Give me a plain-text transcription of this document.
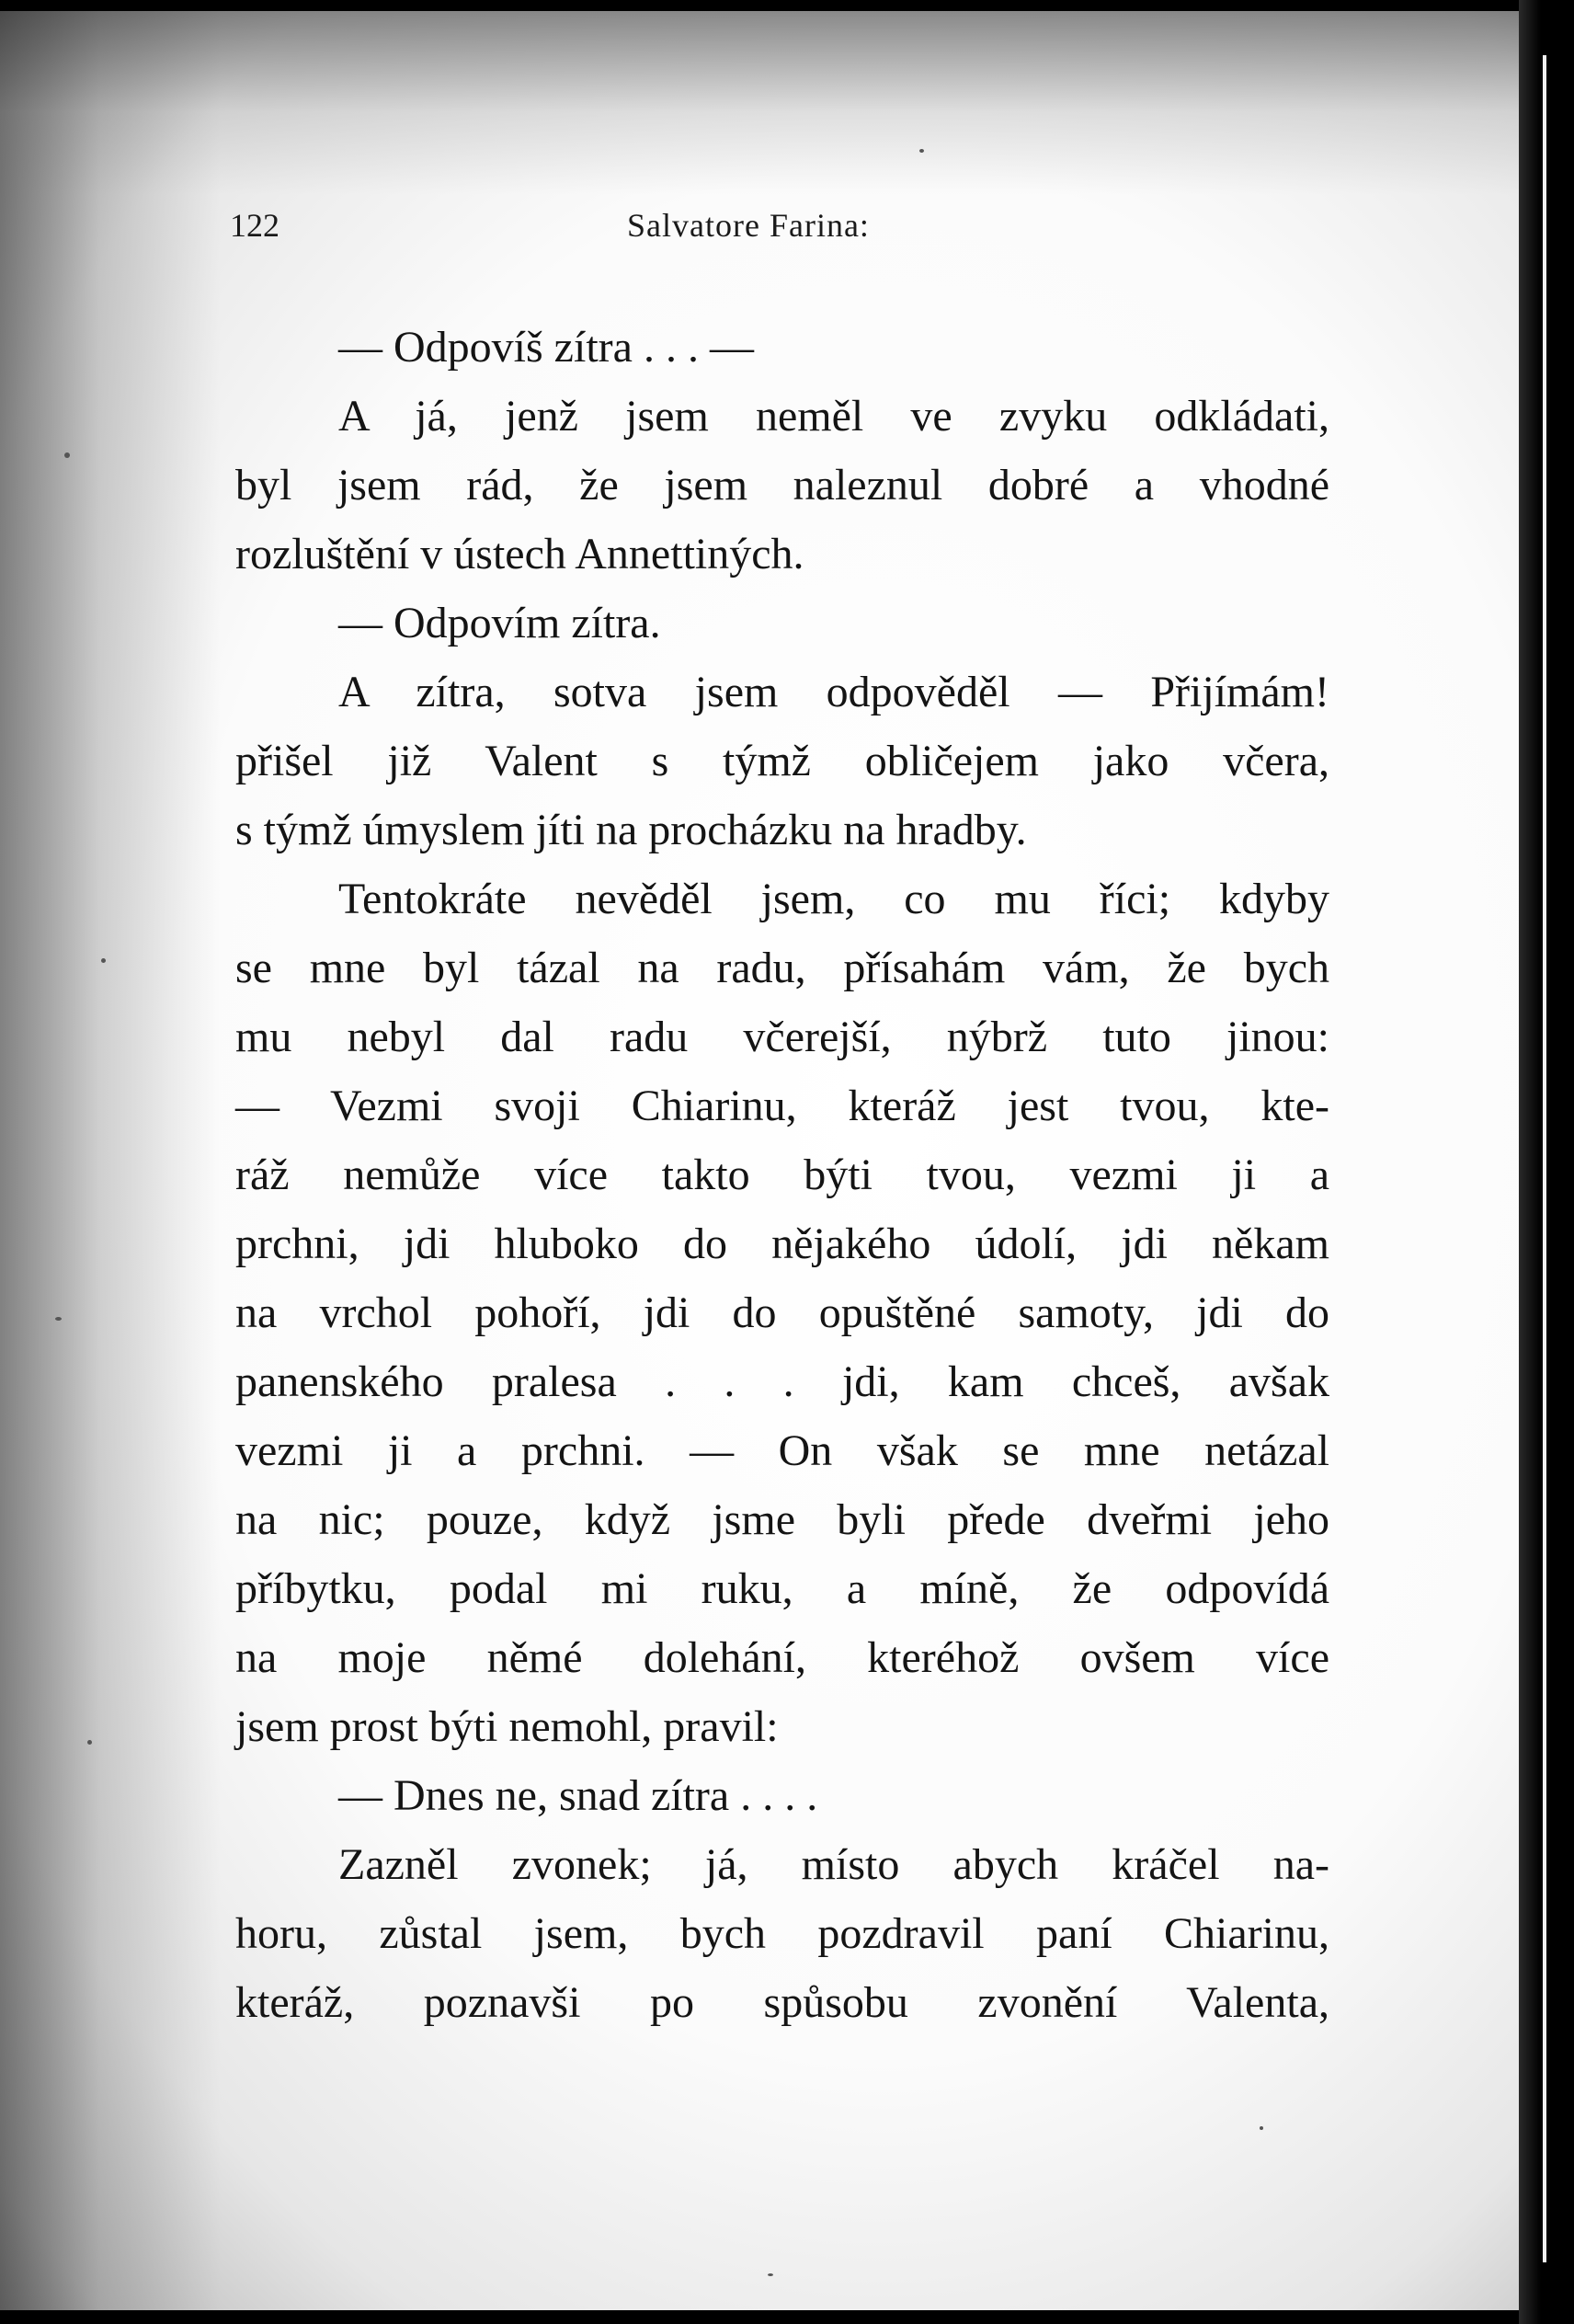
122	Salvatore Farina:
— Odpovíš zítra . . . —
A já, jenž jsem neměl ve zvyku odkládati,
byl jsem rád, že jsem naleznul dobré a vhodné
rozluštění v ústech Annettiných.
— Odpovím zítra.
A zítra, sotva jsem odpověděl — Přijímám!
přišel již Valent s týmž obličejem jako včera,
s týmž úmyslem jíti na procházku na hradby.
Tentokráte nevěděl jsem, co mu říci; kdyby
se mne byl tázal na radu, přísahám vám, že bych
mu nebyl dal radu včerejší, nýbrž tuto jinou:
— Vezmi svoji Chiarinu, kteráž jest tvou, kte-
ráž nemůže více takto býti tvou, vezmi ji a
prchni, jdi hluboko do nějakého údolí, jdi někam
na vrchol pohoří, jdi do opuštěné samoty, jdi do
panenského pralesa . . . jdi, kam chceš, avšak
vezmi ji a prchni. — On však se mne netázal
na nic; pouze, když jsme byli přede dveřmi jeho
příbytku, podal mi ruku, a míně, že odpovídá
na moje němé dolehání, kteréhož ovšem více
jsem prost býti nemohl, pravil:
— Dnes ne, snad zítra . . . .
Zazněl zvonek; já, místo abych kráčel na-
horu, zůstal jsem, bych pozdravil paní Chiarinu,
kteráž, poznavši po spůsobu zvonění Valenta,
